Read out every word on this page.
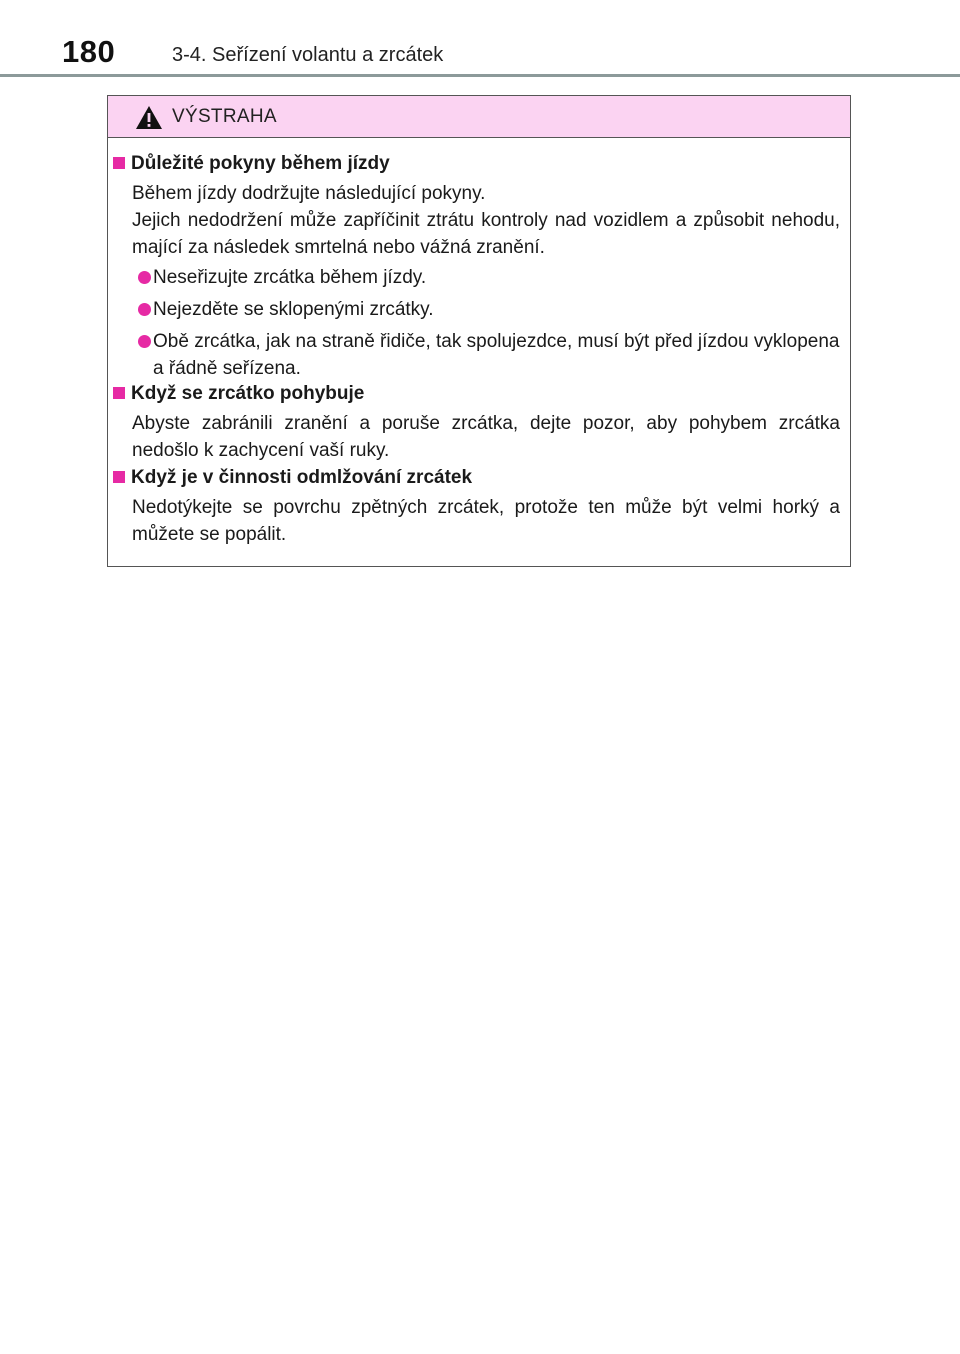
180	3-4. Seřízení volantu a zrcátek
VÝSTRAHA
Důležité pokyny během jízdy
Během jízdy dodržujte následující pokyny.
Jejich nedodržení může zapříčinit ztrátu kontroly nad vozidlem a způsobit nehodu, mající za následek smrtelná nebo vážná zranění.
Neseřizujte zrcátka během jízdy.
Nejezděte se sklopenými zrcátky.
Obě zrcátka, jak na straně řidiče, tak spolujezdce, musí být před jízdou vyklopena a řádně seřízena.
Když se zrcátko pohybuje
Abyste zabránili zranění a poruše zrcátka, dejte pozor, aby pohybem zrcátka nedošlo k zachycení vaší ruky.
Když je v činnosti odmlžování zrcátek
Nedotýkejte se povrchu zpětných zrcátek, protože ten může být velmi horký a můžete se popálit.
